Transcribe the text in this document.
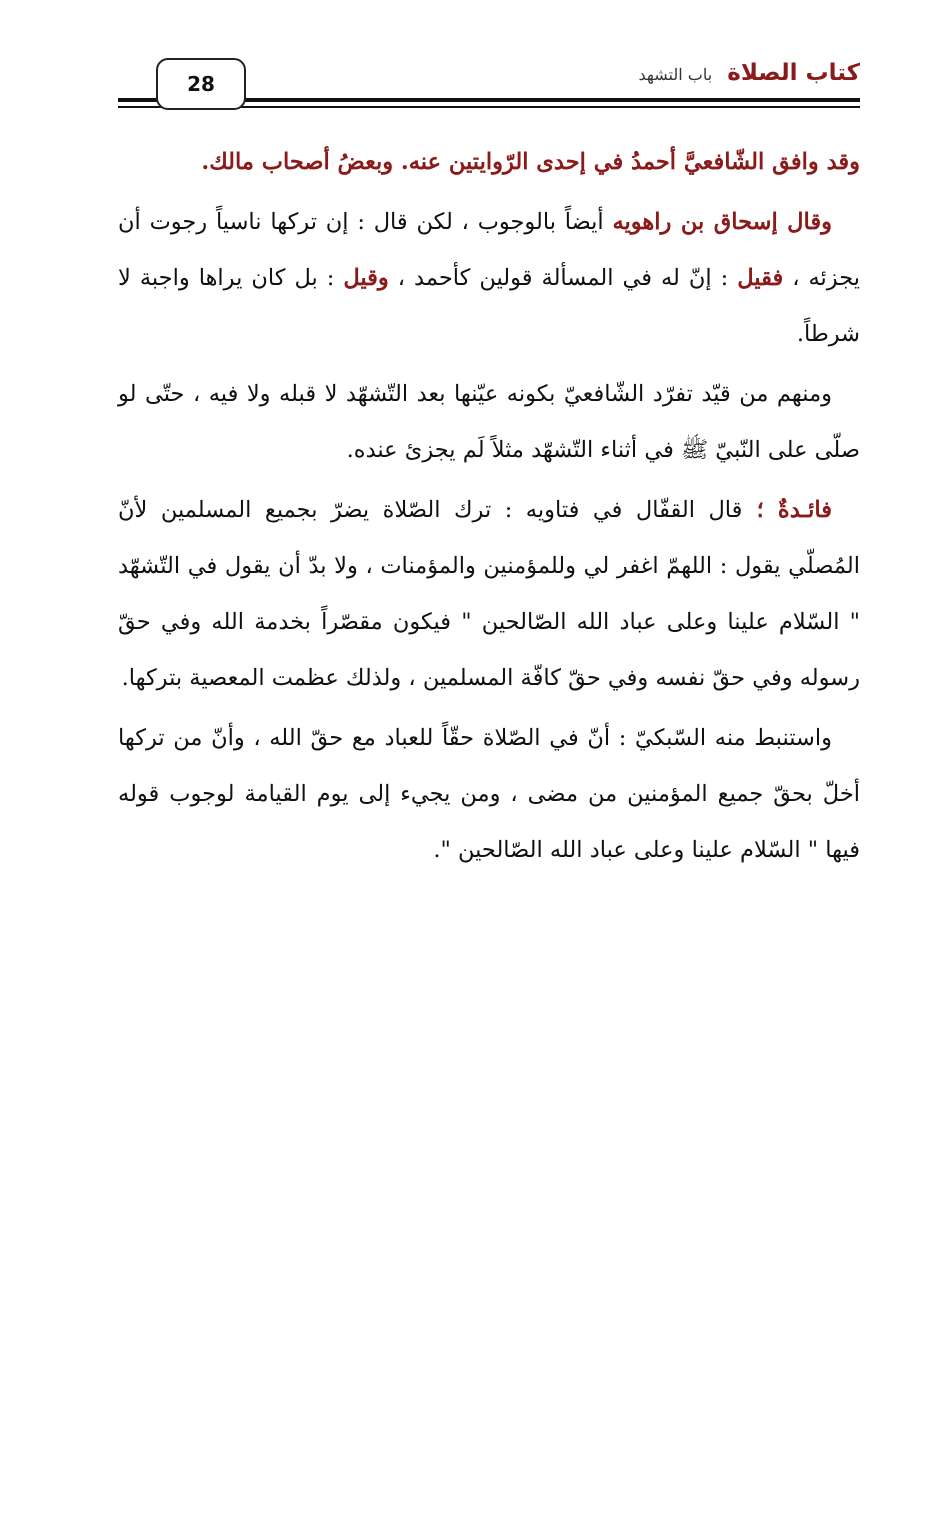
28	كتاب الصلاة باب التشهد

وقد وافق الشّافعيَّ أحمدُ في إحدى الرّوايتين عنه. وبعضُ أصحاب مالك.

وقال إسحاق بن راهويه أيضاً بالوجوب ، لكن قال : إن تركها ناسياً رجوت أن يجزئه ، فقيل : إنّ له في المسألة قولين كأحمد ، وقيل : بل كان يراها واجبة لا شرطاً.

ومنهم من قيّد تفرّد الشّافعيّ بكونه عيّنها بعد التّشهّد لا قبله ولا فيه ، حتّى لو صلّى على النّبيّ ﷺ في أثناء التّشهّد مثلاً لَم يجزئ عنده.

فائـدةٌ ؛ قال القفّال في فتاويه : ترك الصّلاة يضرّ بجميع المسلمين لأنّ المُصلّي يقول : اللهمّ اغفر لي وللمؤمنين والمؤمنات ، ولا بدّ أن يقول في التّشهّد " السّلام علينا وعلى عباد الله الصّالحين " فيكون مقصّراً بخدمة الله وفي حقّ رسوله وفي حقّ نفسه وفي حقّ كافّة المسلمين ، ولذلك عظمت المعصية بتركها.

واستنبط منه السّبكيّ : أنّ في الصّلاة حقّاً للعباد مع حقّ الله ، وأنّ من تركها أخلّ بحقّ جميع المؤمنين من مضى ، ومن يجيء إلى يوم القيامة لوجوب قوله فيها " السّلام علينا وعلى عباد الله الصّالحين ".
